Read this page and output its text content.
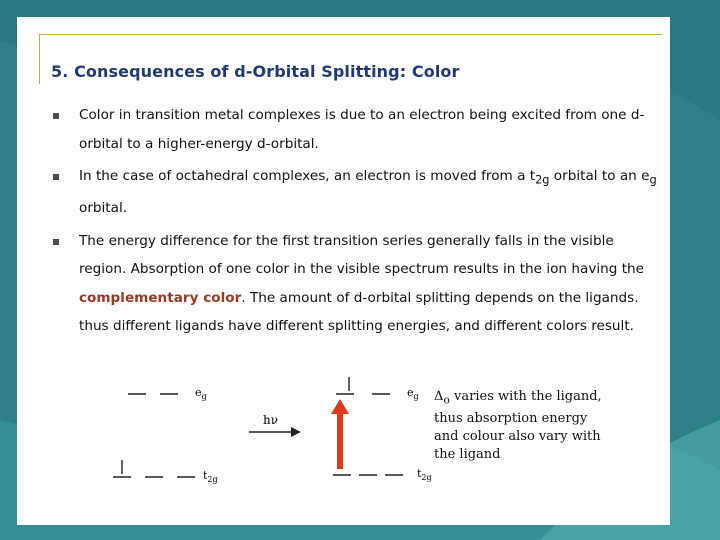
5. Consequences of d-Orbital Splitting: Color
Color in transition metal complexes is due to an electron being excited from one d-orbital to a higher-energy d-orbital.
In the case of octahedral complexes, an electron is moved from a $t_{2g}$ orbital to an $e_g$ orbital.
The energy difference for the first transition series generally falls in the visible region. Absorption of one color in the visible spectrum results in the ion having the complementary color. The amount of d-orbital splitting depends on the ligands. thus different ligands have different splitting energies, and different colors result.
$e_g$
$t_{2g}$
hν
$e_g$
$t_{2g}$
$\Delta_o$ varies with the ligand,
thus absorption energy
and colour also vary with
the ligand
